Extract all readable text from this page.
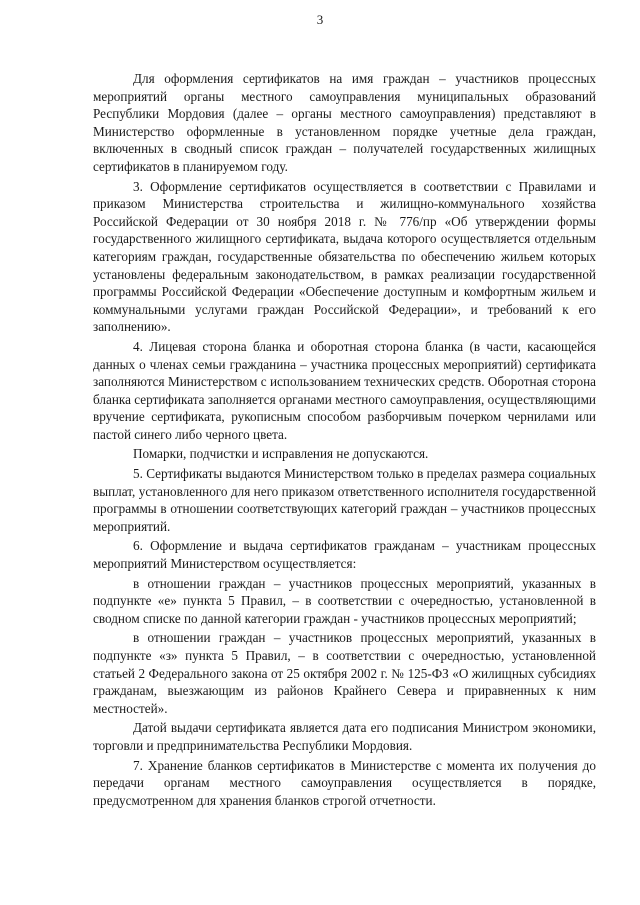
3

Для оформления сертификатов на имя граждан – участников процессных мероприятий органы местного самоуправления муниципальных образований Республики Мордовия (далее – органы местного самоуправления) представляют в Министерство оформленные в установленном порядке учетные дела граждан, включенных в сводный список граждан – получателей государственных жилищных сертификатов в планируемом году.

3. Оформление сертификатов осуществляется в соответствии с Правилами и приказом Министерства строительства и жилищно-коммунального хозяйства Российской Федерации от 30 ноября 2018 г. № 776/пр «Об утверждении формы государственного жилищного сертификата, выдача которого осуществляется отдельным категориям граждан, государственные обязательства по обеспечению жильем которых установлены федеральным законодательством, в рамках реализации государственной программы Российской Федерации «Обеспечение доступным и комфортным жильем и коммунальными услугами граждан Российской Федерации», и требований к его заполнению».

4. Лицевая сторона бланка и оборотная сторона бланка (в части, касающейся данных о членах семьи гражданина – участника процессных мероприятий) сертификата заполняются Министерством с использованием технических средств. Оборотная сторона бланка сертификата заполняется органами местного самоуправления, осуществляющими вручение сертификата, рукописным способом разборчивым почерком чернилами или пастой синего либо черного цвета.

Помарки, подчистки и исправления не допускаются.

5. Сертификаты выдаются Министерством только в пределах размера социальных выплат, установленного для него приказом ответственного исполнителя государственной программы в отношении соответствующих категорий граждан – участников процессных мероприятий.

6. Оформление и выдача сертификатов гражданам – участникам процессных мероприятий Министерством осуществляется:

в отношении граждан – участников процессных мероприятий, указанных в подпункте «е» пункта 5 Правил, – в соответствии с очередностью, установленной в сводном списке по данной категории граждан - участников процессных мероприятий;

в отношении граждан – участников процессных мероприятий, указанных в подпункте «з» пункта 5 Правил, – в соответствии с очередностью, установленной статьей 2 Федерального закона от 25 октября 2002 г. № 125-ФЗ «О жилищных субсидиях гражданам, выезжающим из районов Крайнего Севера и приравненных к ним местностей».

Датой выдачи сертификата является дата его подписания Министром экономики, торговли и предпринимательства Республики Мордовия.

7. Хранение бланков сертификатов в Министерстве с момента их получения до передачи органам местного самоуправления осуществляется в порядке, предусмотренном для хранения бланков строгой отчетности.
